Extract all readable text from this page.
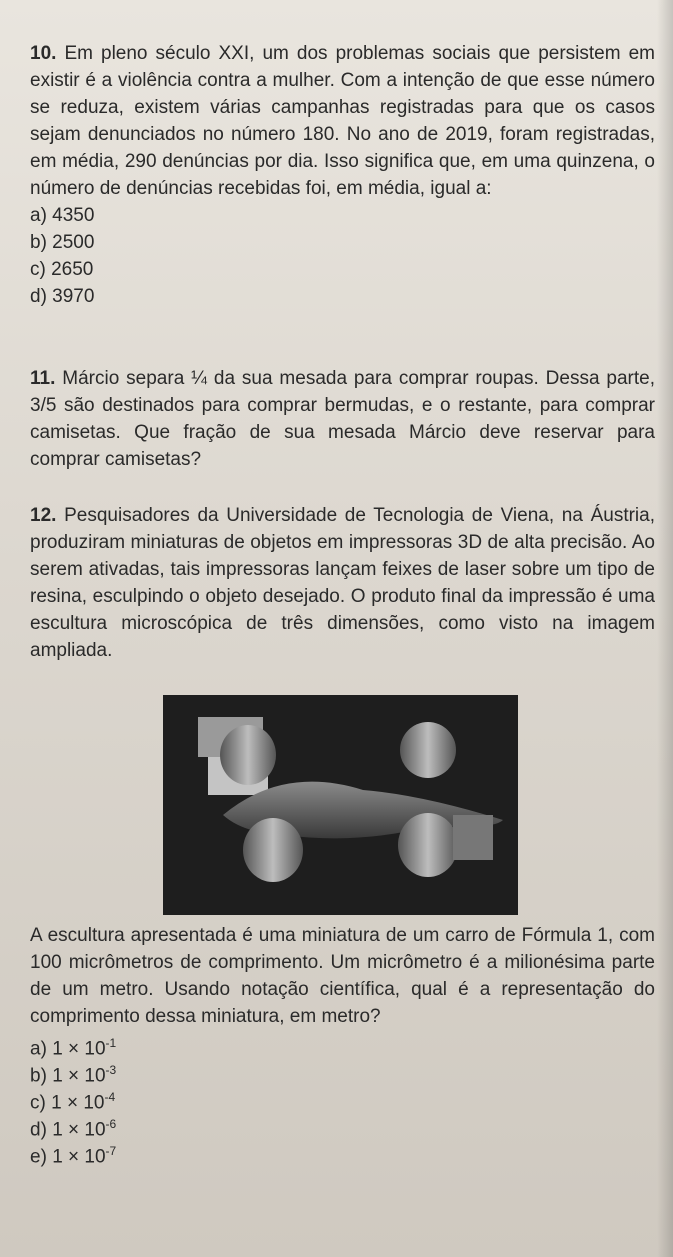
10. Em pleno século XXI, um dos problemas sociais que persistem em existir é a violência contra a mulher. Com a intenção de que esse número se reduza, existem várias campanhas registradas para que os casos sejam denunciados no número 180. No ano de 2019, foram registradas, em média, 290 denúncias por dia. Isso significa que, em uma quinzena, o número de denúncias recebidas foi, em média, igual a:

a) 4350
b) 2500
c) 2650
d) 3970

11. Márcio separa ¼ da sua mesada para comprar roupas. Dessa parte, 3/5 são destinados para comprar bermudas, e o restante, para comprar camisetas. Que fração de sua mesada Márcio deve reservar para comprar camisetas?

12. Pesquisadores da Universidade de Tecnologia de Viena, na Áustria, produziram miniaturas de objetos em impressoras 3D de alta precisão. Ao serem ativadas, tais impressoras lançam feixes de laser sobre um tipo de resina, esculpindo o objeto desejado. O produto final da impressão é uma escultura microscópica de três dimensões, como visto na imagem ampliada.

A escultura apresentada é uma miniatura de um carro de Fórmula 1, com 100 micrômetros de comprimento. Um micrômetro é a milionésima parte de um metro. Usando notação científica, qual é a representação do comprimento dessa miniatura, em metro?

a) $1 \times 10^{-1}$
b) $1 \times 10^{-3}$
c) $1 \times 10^{-4}$
d) $1 \times 10^{-6}$
e) $1 \times 10^{-7}$
